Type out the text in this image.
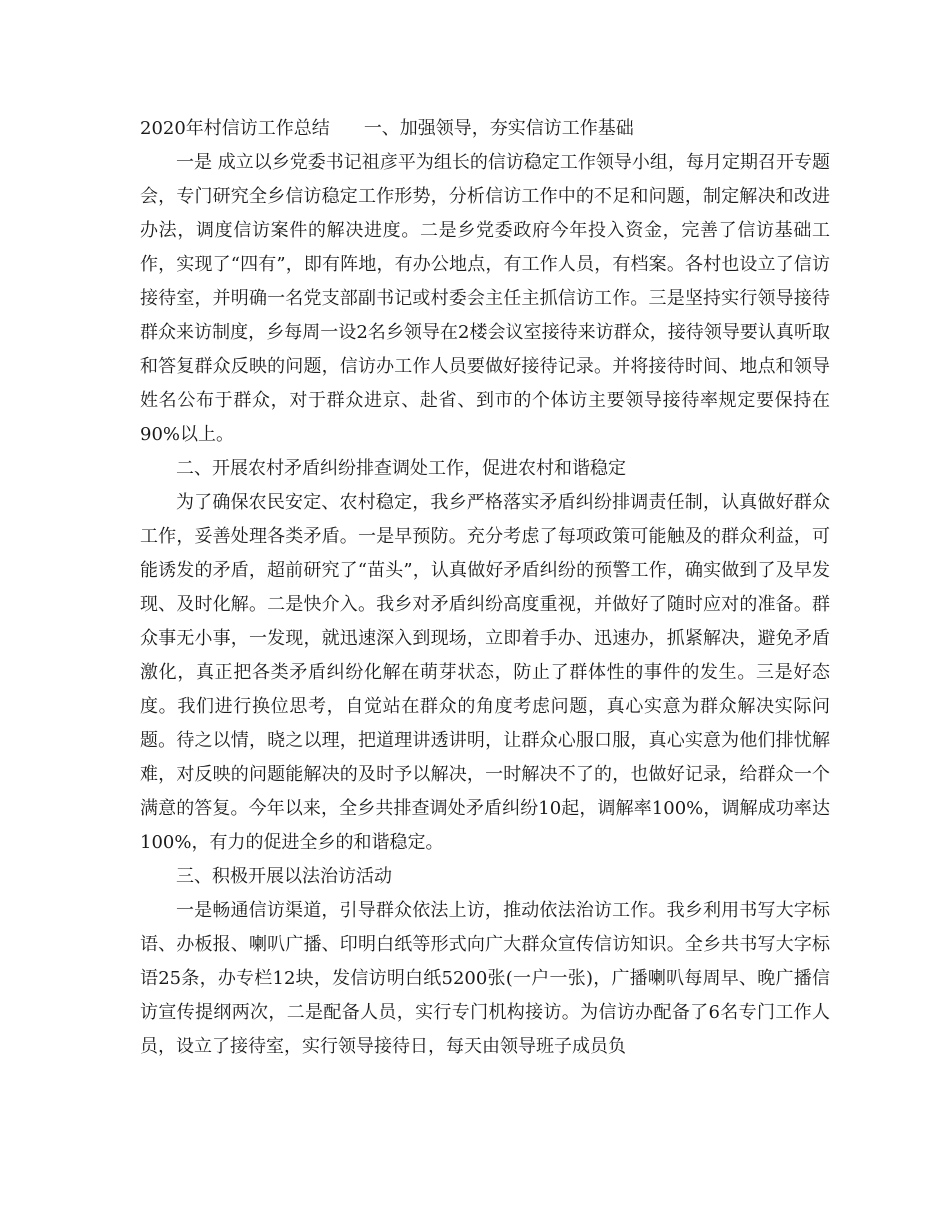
2020年村信访工作总结 一、加强领导，夯实信访工作基础

一是 成立以乡党委书记祖彦平为组长的信访稳定工作领导小组，每月定期召开专题会，专门研究全乡信访稳定工作形势，分析信访工作中的不足和问题，制定解决和改进办法，调度信访案件的解决进度。二是乡党委政府今年投入资金，完善了信访基础工作，实现了“四有”，即有阵地，有办公地点，有工作人员，有档案。各村也设立了信访接待室，并明确一名党支部副书记或村委会主任主抓信访工作。三是坚持实行领导接待群众来访制度，乡每周一设2名乡领导在2楼会议室接待来访群众，接待领导要认真听取和答复群众反映的问题，信访办工作人员要做好接待记录。并将接待时间、地点和领导姓名公布于群众，对于群众进京、赴省、到市的个体访主要领导接待率规定要保持在90%以上。

二、开展农村矛盾纠纷排查调处工作，促进农村和谐稳定

为了确保农民安定、农村稳定，我乡严格落实矛盾纠纷排调责任制，认真做好群众工作，妥善处理各类矛盾。一是早预防。充分考虑了每项政策可能触及的群众利益，可能诱发的矛盾，超前研究了“苗头”，认真做好矛盾纠纷的预警工作，确实做到了及早发现、及时化解。二是快介入。我乡对矛盾纠纷高度重视，并做好了随时应对的准备。群众事无小事，一发现，就迅速深入到现场，立即着手办、迅速办，抓紧解决，避免矛盾激化，真正把各类矛盾纠纷化解在萌芽状态，防止了群体性的事件的发生。三是好态度。我们进行换位思考，自觉站在群众的角度考虑问题，真心实意为群众解决实际问题。待之以情，晓之以理，把道理讲透讲明，让群众心服口服，真心实意为他们排忧解难，对反映的问题能解决的及时予以解决，一时解决不了的，也做好记录，给群众一个满意的答复。今年以来，全乡共排查调处矛盾纠纷10起，调解率100%，调解成功率达100%，有力的促进全乡的和谐稳定。

三、积极开展以法治访活动

一是畅通信访渠道，引导群众依法上访，推动依法治访工作。我乡利用书写大字标语、办板报、喇叭广播、印明白纸等形式向广大群众宣传信访知识。全乡共书写大字标语25条，办专栏12块，发信访明白纸5200张(一户一张)，广播喇叭每周早、晚广播信访宣传提纲两次，二是配备人员，实行专门机构接访。为信访办配备了6名专门工作人员，设立了接待室，实行领导接待日，每天由领导班子成员负
